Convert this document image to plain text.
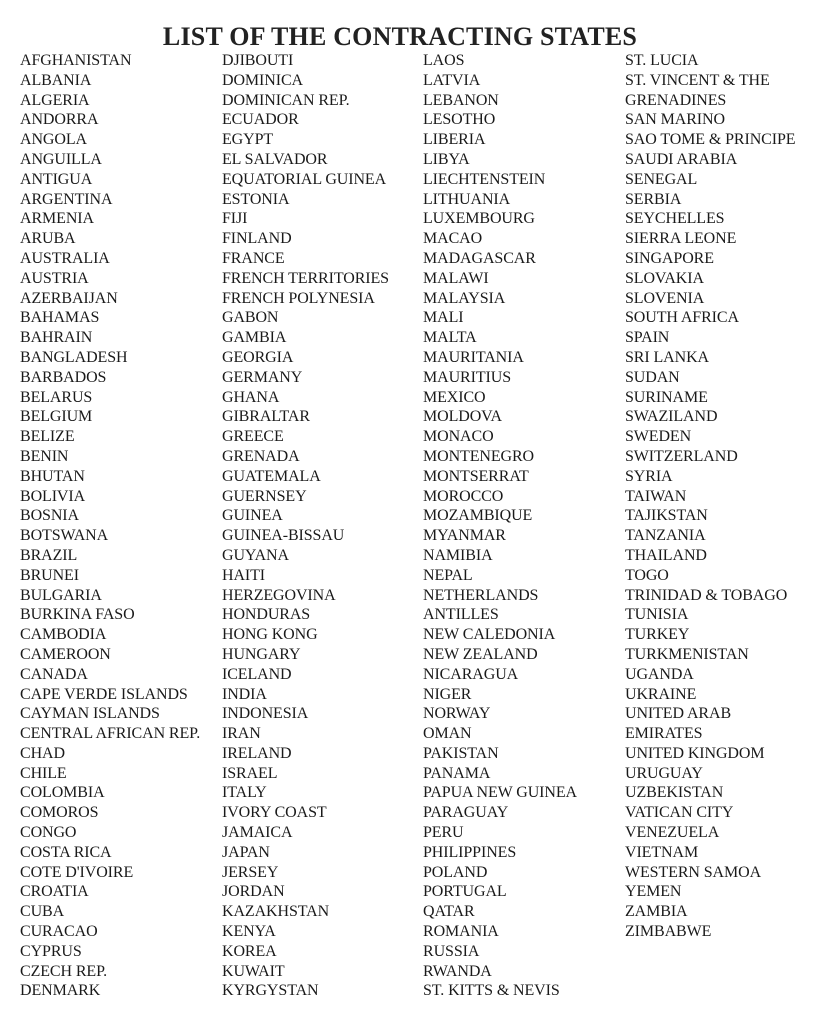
LIST OF THE CONTRACTING STATES
AFGHANISTAN
ALBANIA
ALGERIA
ANDORRA
ANGOLA
ANGUILLA
ANTIGUA
ARGENTINA
ARMENIA
ARUBA
AUSTRALIA
AUSTRIA
AZERBAIJAN
BAHAMAS
BAHRAIN
BANGLADESH
BARBADOS
BELARUS
BELGIUM
BELIZE
BENIN
BHUTAN
BOLIVIA
BOSNIA
BOTSWANA
BRAZIL
BRUNEI
BULGARIA
BURKINA FASO
CAMBODIA
CAMEROON
CANADA
CAPE VERDE ISLANDS
CAYMAN ISLANDS
CENTRAL AFRICAN REP.
CHAD
CHILE
COLOMBIA
COMOROS
CONGO
COSTA RICA
COTE D'IVOIRE
CROATIA
CUBA
CURACAO
CYPRUS
CZECH REP.
DENMARK
DJIBOUTI
DOMINICA
DOMINICAN REP.
ECUADOR
EGYPT
EL SALVADOR
EQUATORIAL GUINEA
ESTONIA
FIJI
FINLAND
FRANCE
FRENCH TERRITORIES
FRENCH POLYNESIA
GABON
GAMBIA
GEORGIA
GERMANY
GHANA
GIBRALTAR
GREECE
GRENADA
GUATEMALA
GUERNSEY
GUINEA
GUINEA-BISSAU
GUYANA
HAITI
HERZEGOVINA
HONDURAS
HONG KONG
HUNGARY
ICELAND
INDIA
INDONESIA
IRAN
IRELAND
ISRAEL
ITALY
IVORY COAST
JAMAICA
JAPAN
JERSEY
JORDAN
KAZAKHSTAN
KENYA
KOREA
KUWAIT
KYRGYSTAN
LAOS
LATVIA
LEBANON
LESOTHO
LIBERIA
LIBYA
LIECHTENSTEIN
LITHUANIA
LUXEMBOURG
MACAO
MADAGASCAR
MALAWI
MALAYSIA
MALI
MALTA
MAURITANIA
MAURITIUS
MEXICO
MOLDOVA
MONACO
MONTENEGRO
MONTSERRAT
MOROCCO
MOZAMBIQUE
MYANMAR
NAMIBIA
NEPAL
NETHERLANDS
ANTILLES
NEW CALEDONIA
NEW ZEALAND
NICARAGUA
NIGER
NORWAY
OMAN
PAKISTAN
PANAMA
PAPUA NEW GUINEA
PARAGUAY
PERU
PHILIPPINES
POLAND
PORTUGAL
QATAR
ROMANIA
RUSSIA
RWANDA
ST. KITTS & NEVIS
ST. LUCIA
ST. VINCENT & THE
GRENADINES
SAN MARINO
SAO TOME & PRINCIPE
SAUDI ARABIA
SENEGAL
SERBIA
SEYCHELLES
SIERRA LEONE
SINGAPORE
SLOVAKIA
SLOVENIA
SOUTH AFRICA
SPAIN
SRI LANKA
SUDAN
SURINAME
SWAZILAND
SWEDEN
SWITZERLAND
SYRIA
TAIWAN
TAJIKSTAN
TANZANIA
THAILAND
TOGO
TRINIDAD & TOBAGO
TUNISIA
TURKEY
TURKMENISTAN
UGANDA
UKRAINE
UNITED ARAB
EMIRATES
UNITED KINGDOM
URUGUAY
UZBEKISTAN
VATICAN CITY
VENEZUELA
VIETNAM
WESTERN SAMOA
YEMEN
ZAMBIA
ZIMBABWE
